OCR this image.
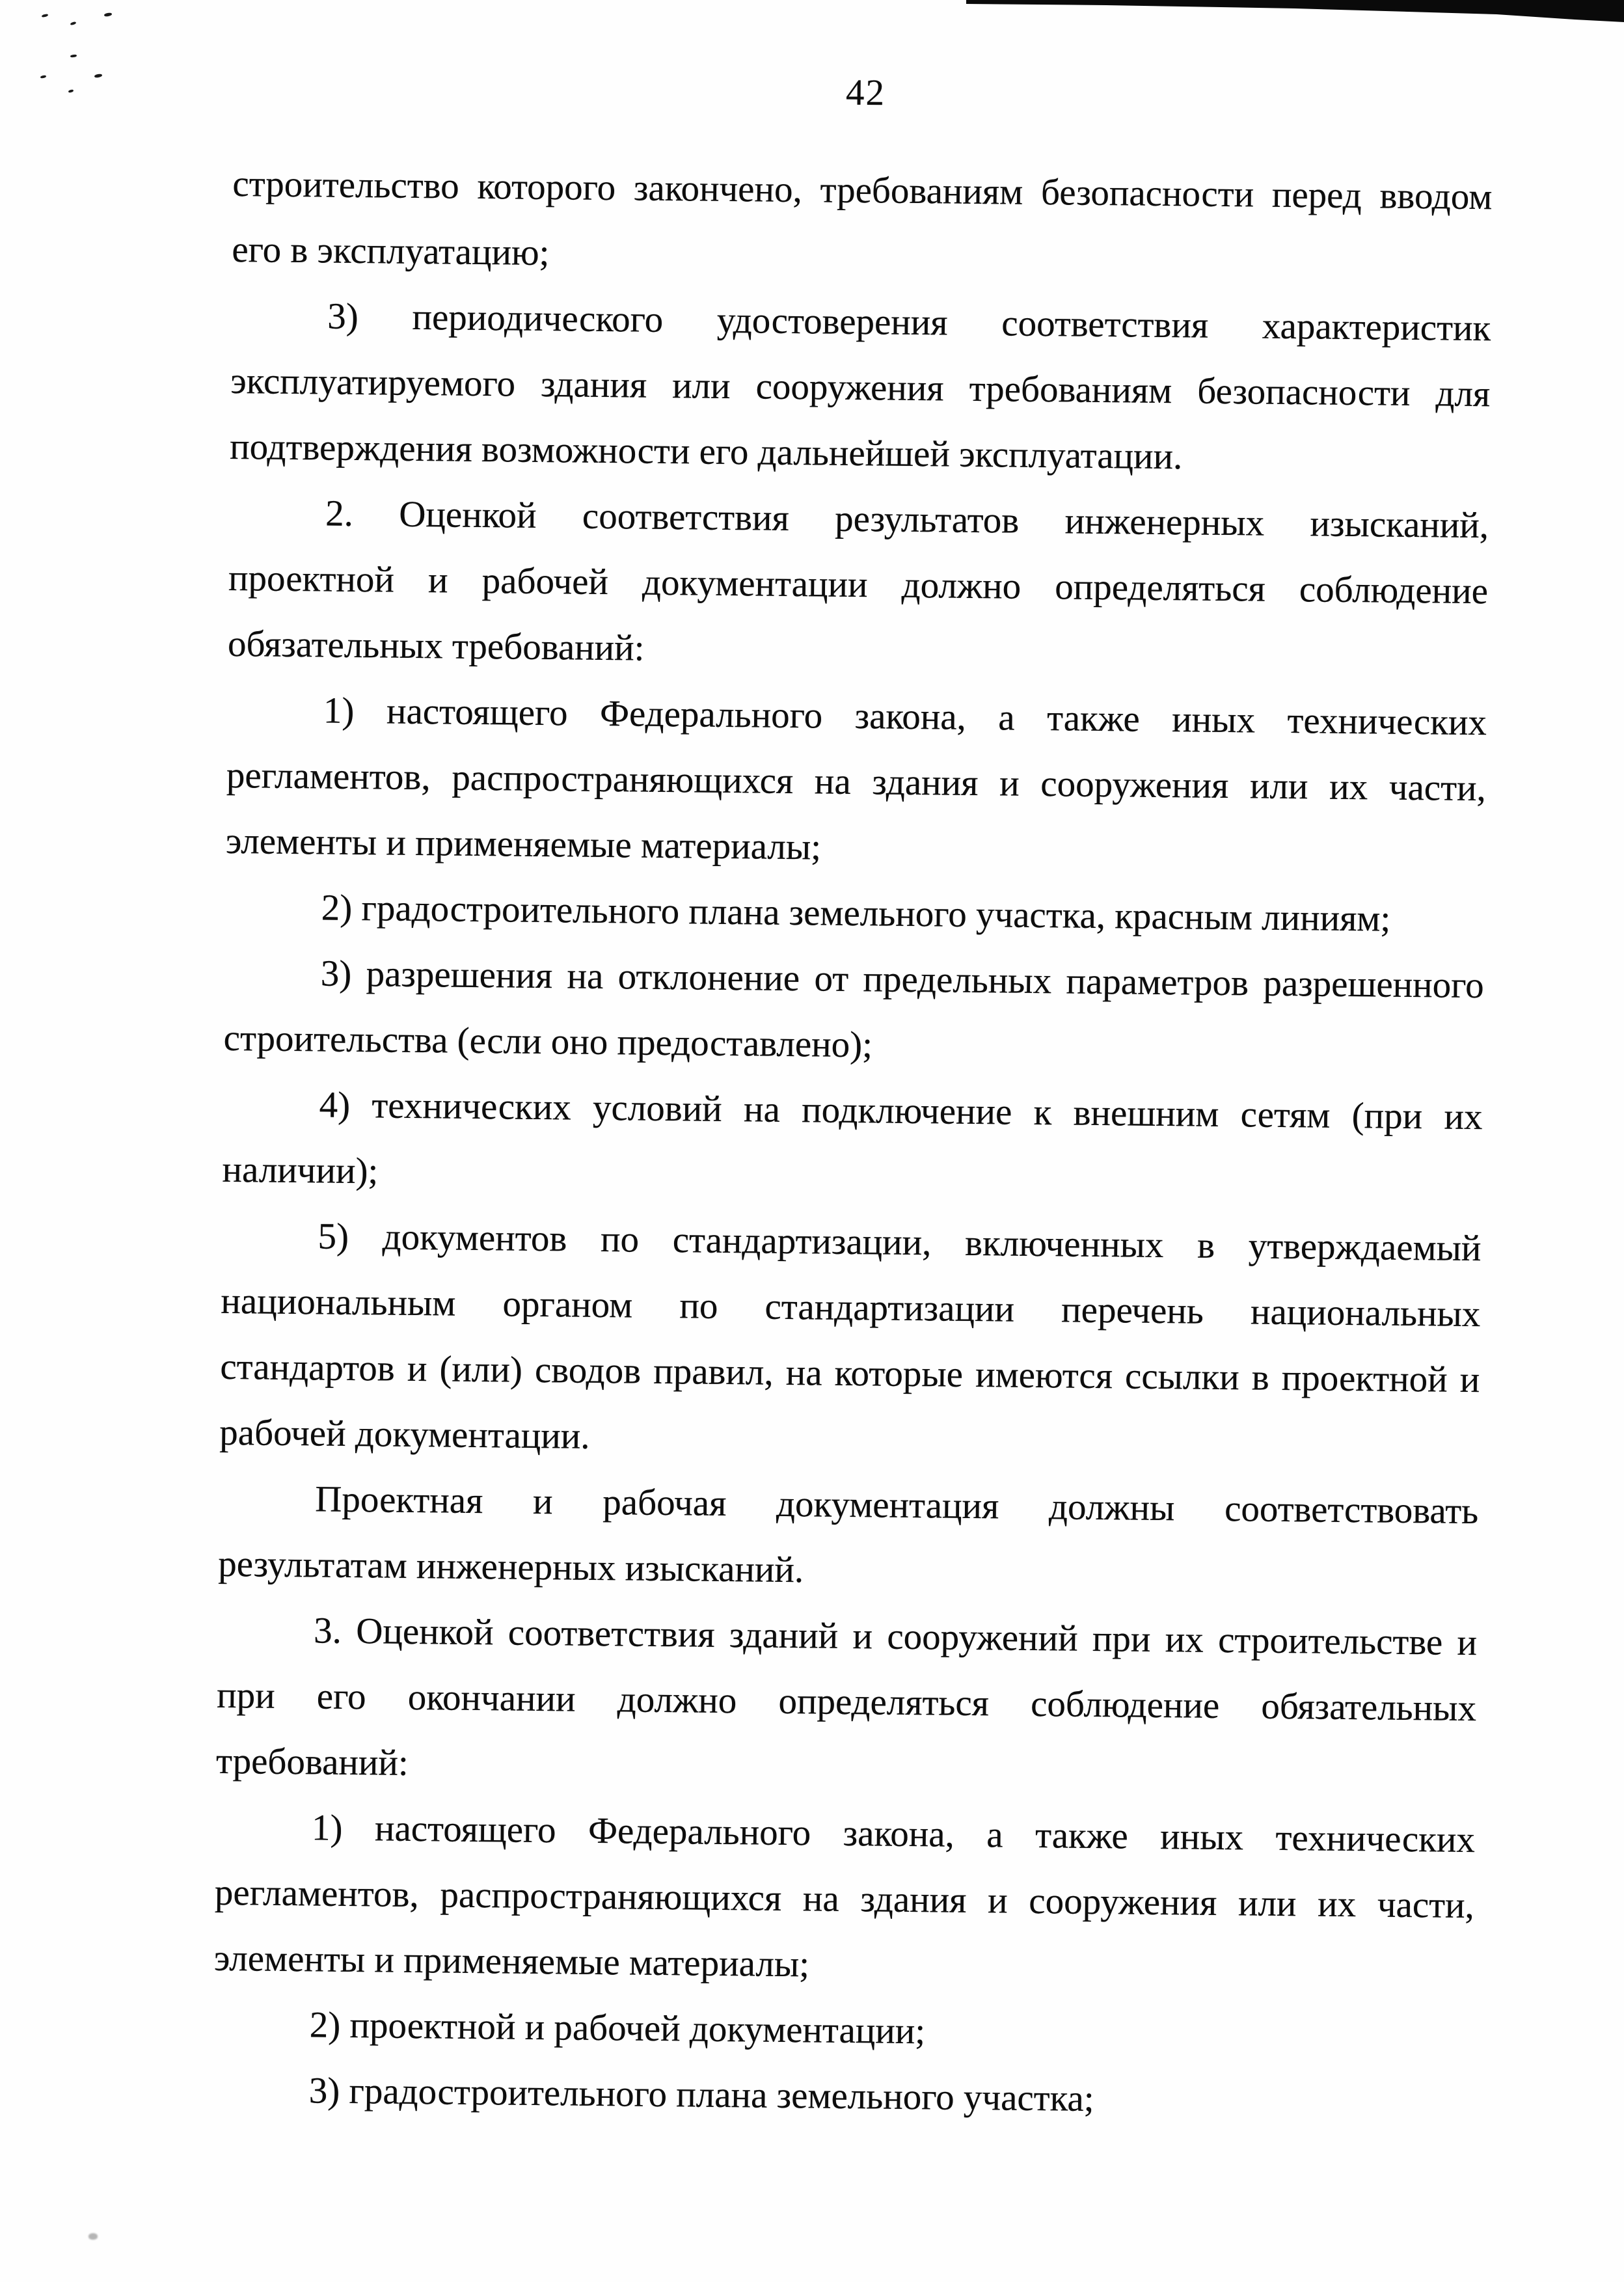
42
строительство которого закончено, требованиям безопасности перед вводом
его в эксплуатацию;
3) периодического удостоверения соответствия характеристик
эксплуатируемого здания или сооружения требованиям безопасности для
подтверждения возможности его дальнейшей эксплуатации.
2. Оценкой соответствия результатов инженерных изысканий,
проектной и рабочей документации должно определяться соблюдение
обязательных требований:
1) настоящего Федерального закона, а также иных технических
регламентов, распространяющихся на здания и сооружения или их части,
элементы и применяемые материалы;
2) градостроительного плана земельного участка, красным линиям;
3) разрешения на отклонение от предельных параметров разрешенного
строительства (если оно предоставлено);
4) технических условий на подключение к внешним сетям (при их
наличии);
5) документов по стандартизации, включенных в утверждаемый
национальным органом по стандартизации перечень национальных
стандартов и (или) сводов правил, на которые имеются ссылки в проектной и
рабочей документации.
Проектная и рабочая документация должны соответствовать
результатам инженерных изысканий.
3. Оценкой соответствия зданий и сооружений при их строительстве и
при его окончании должно определяться соблюдение обязательных
требований:
1) настоящего Федерального закона, а также иных технических
регламентов, распространяющихся на здания и сооружения или их части,
элементы и применяемые материалы;
2) проектной и рабочей документации;
3) градостроительного плана земельного участка;
